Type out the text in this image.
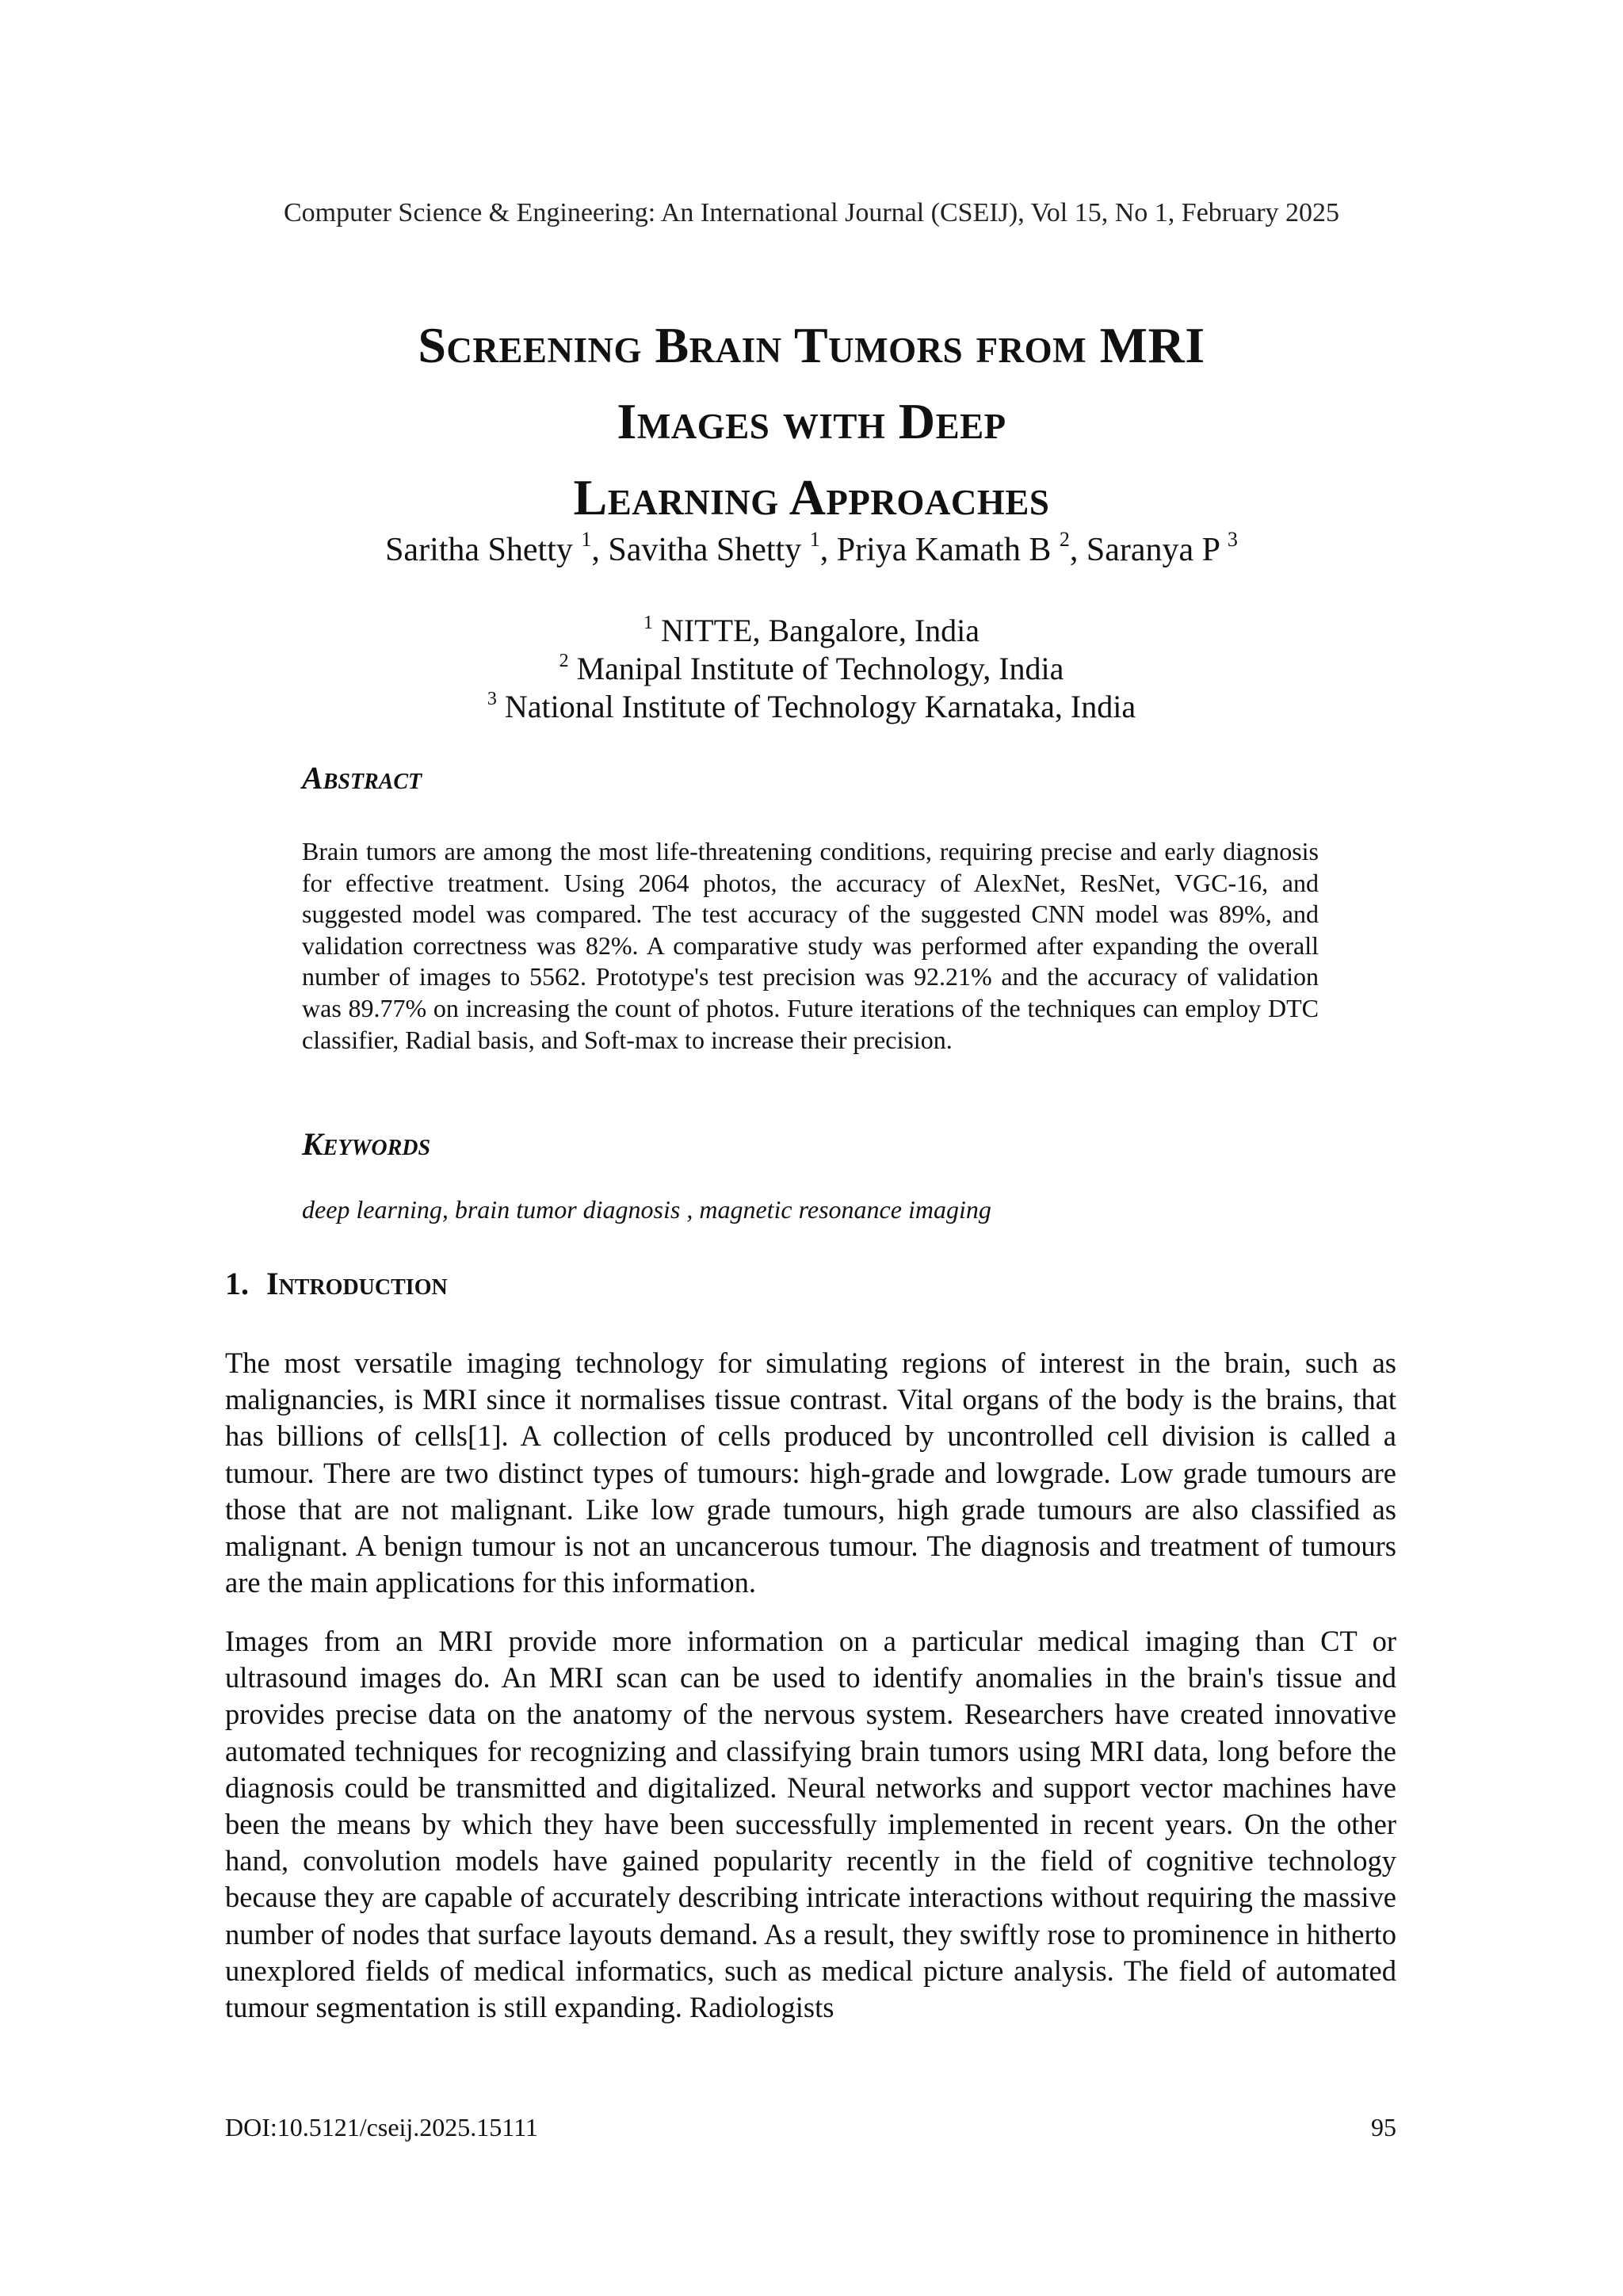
Computer Science & Engineering: An International Journal (CSEIJ), Vol 15, No 1, February 2025
Screening Brain Tumors from MRI
Images with Deep
Learning Approaches
Saritha Shetty $^1$, Savitha Shetty $^1$, Priya Kamath B $^2$, Saranya P $^3$
$^1$ NITTE, Bangalore, India
$^2$ Manipal Institute of Technology, India
$^3$ National Institute of Technology Karnataka, India
Abstract
Brain tumors are among the most life-threatening conditions, requiring precise and early diagnosis for effective treatment. Using 2064 photos, the accuracy of AlexNet, ResNet, VGC-16, and suggested model was compared. The test accuracy of the suggested CNN model was 89%, and validation correctness was 82%. A comparative study was performed after expanding the overall number of images to 5562. Prototype's test precision was 92.21% and the accuracy of validation was 89.77% on increasing the count of photos. Future iterations of the techniques can employ DTC classifier, Radial basis, and Soft-max to increase their precision.
Keywords
deep learning, brain tumor diagnosis , magnetic resonance imaging
1. Introduction
The most versatile imaging technology for simulating regions of interest in the brain, such as malignancies, is MRI since it normalises tissue contrast. Vital organs of the body is the brains, that has billions of cells[1]. A collection of cells produced by uncontrolled cell division is called a tumour. There are two distinct types of tumours: high-grade and lowgrade. Low grade tumours are those that are not malignant. Like low grade tumours, high grade tumours are also classified as malignant. A benign tumour is not an uncancerous tumour. The diagnosis and treatment of tumours are the main applications for this information.
Images from an MRI provide more information on a particular medical imaging than CT or ultrasound images do. An MRI scan can be used to identify anomalies in the brain's tissue and provides precise data on the anatomy of the nervous system. Researchers have created innovative automated techniques for recognizing and classifying brain tumors using MRI data, long before the diagnosis could be transmitted and digitalized. Neural networks and support vector machines have been the means by which they have been successfully implemented in recent years. On the other hand, convolution models have gained popularity recently in the field of cognitive technology because they are capable of accurately describing intricate interactions without requiring the massive number of nodes that surface layouts demand. As a result, they swiftly rose to prominence in hitherto unexplored fields of medical informatics, such as medical picture analysis. The field of automated tumour segmentation is still expanding. Radiologists
DOI:10.5121/cseij.2025.15111	95
